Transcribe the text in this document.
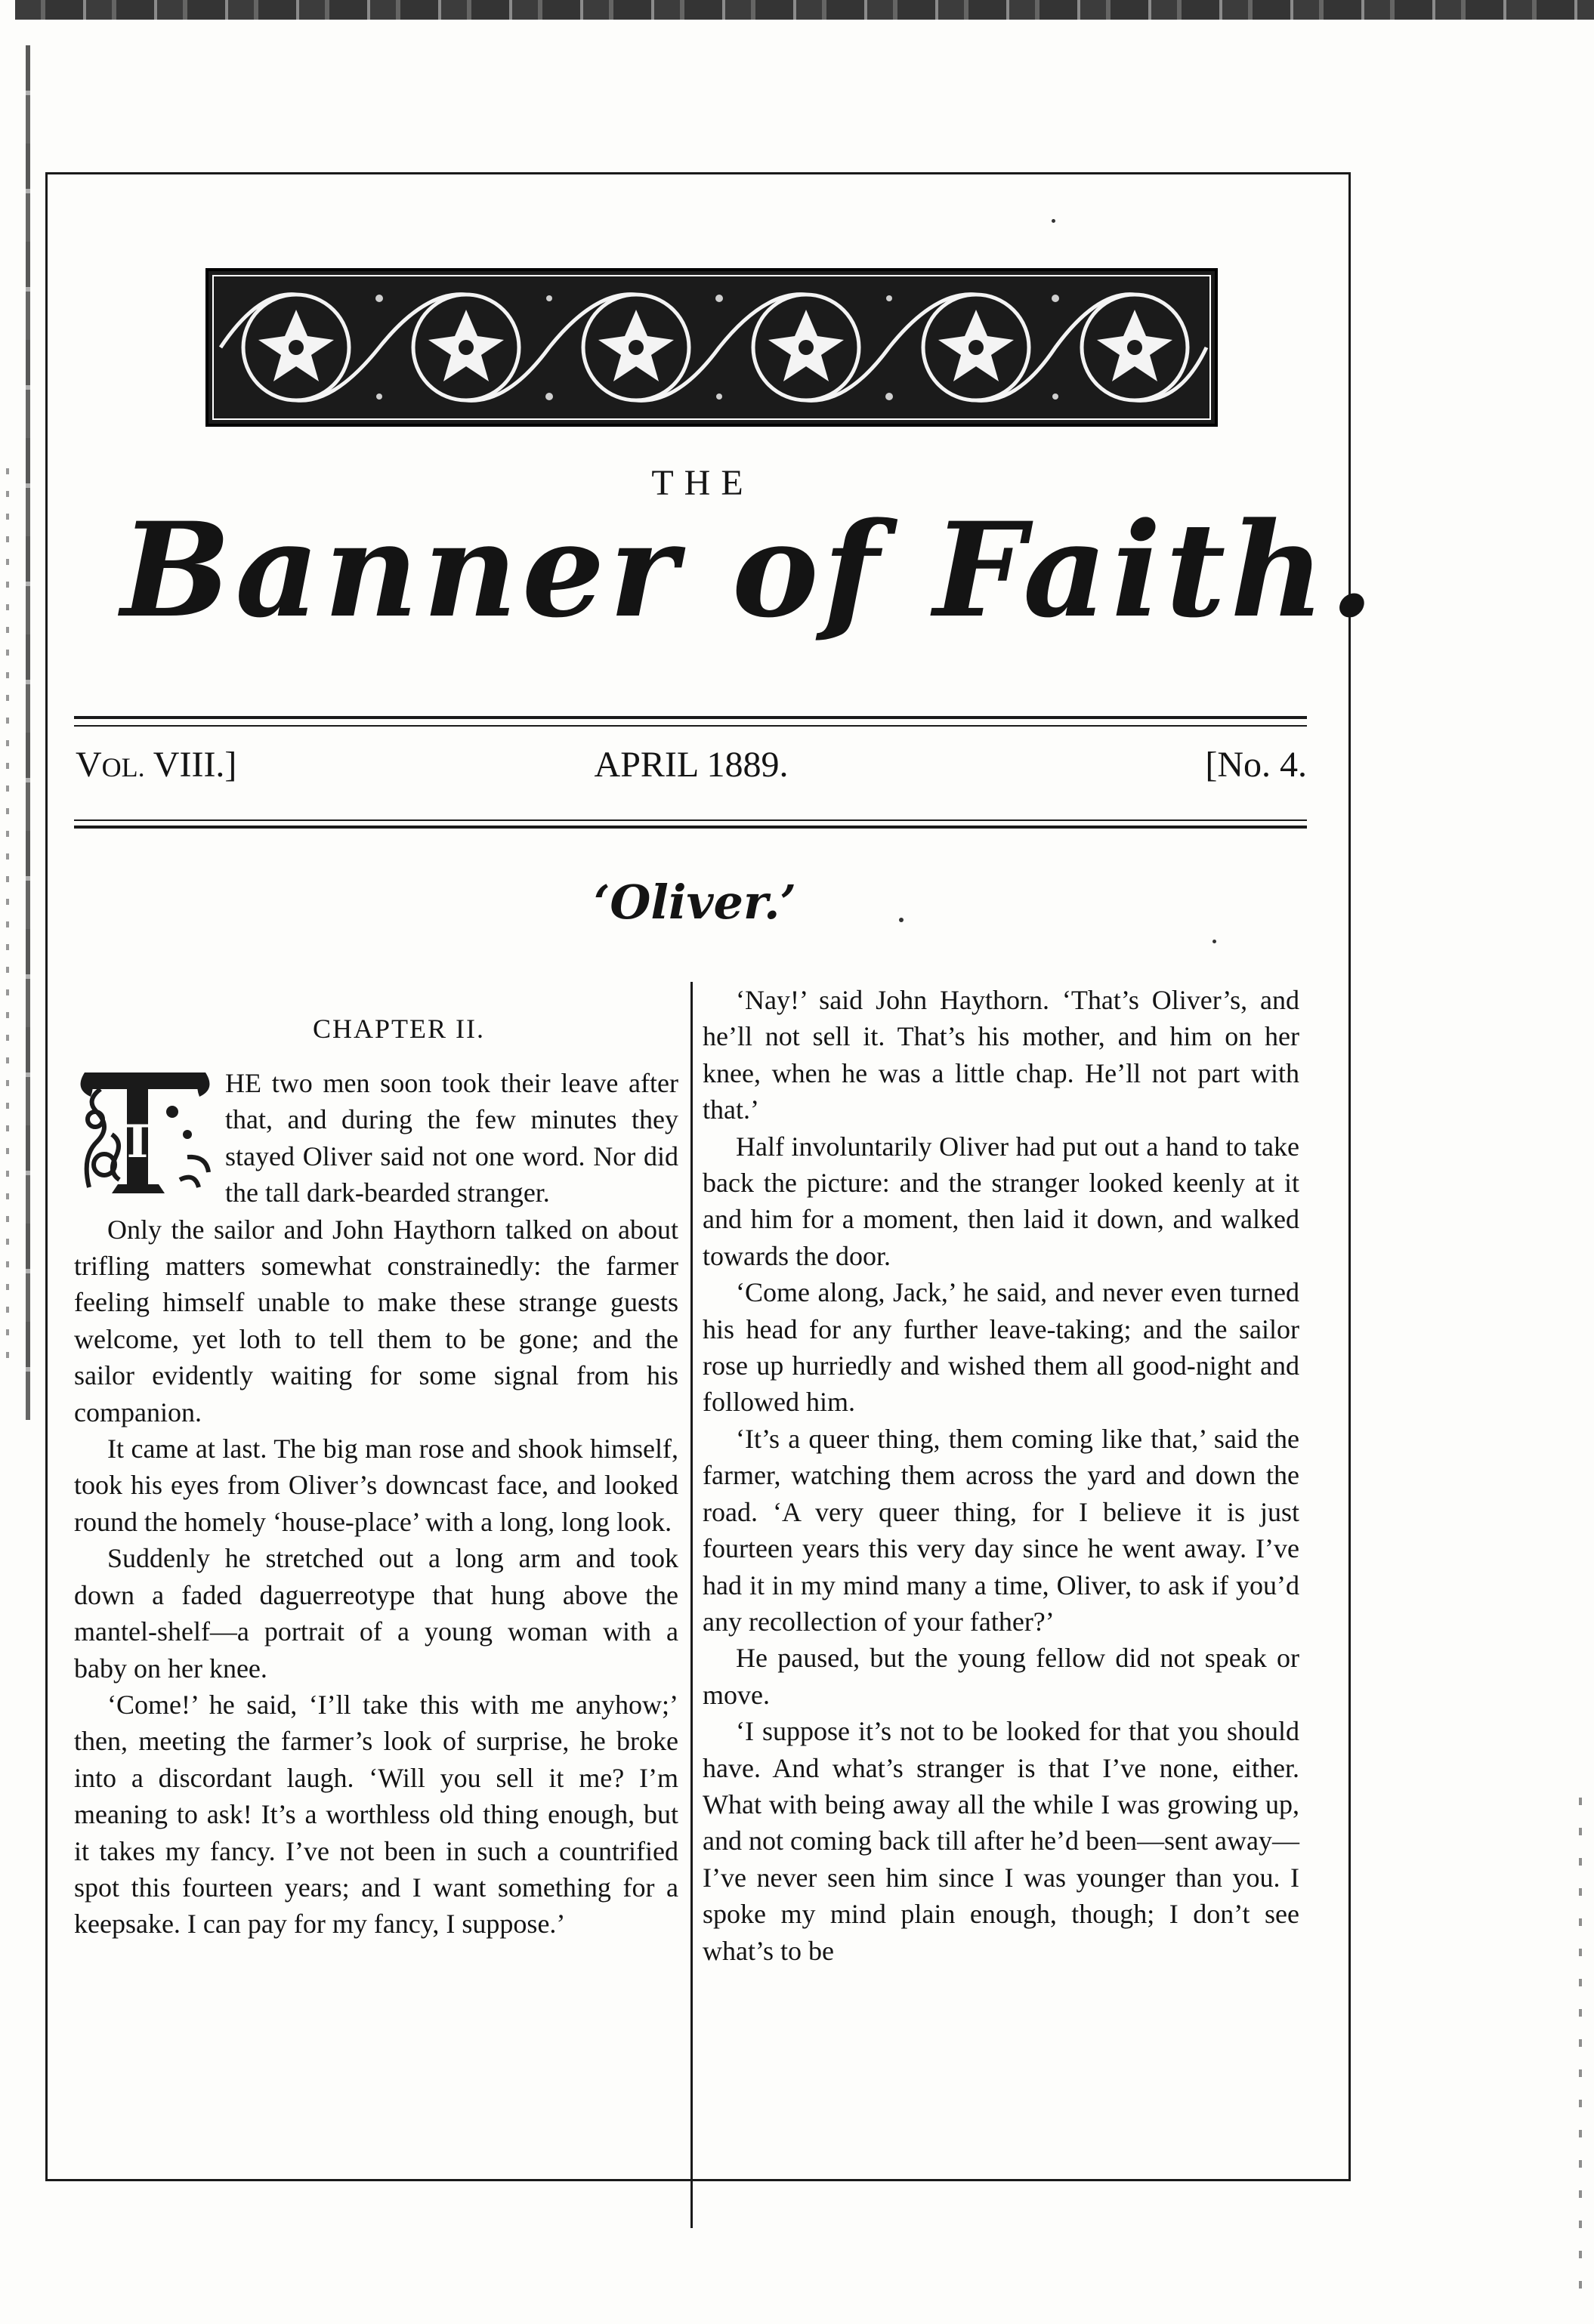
THE
Banner of Faith.
VOL. VIII.]	APRIL 1889.	[No. 4.
‘Oliver.’
CHAPTER II.
T

HE two men soon took their leave after that, and during the few minutes they stayed Oliver said not one word. Nor did the tall dark-bearded stranger.

Only the sailor and John Haythorn talked on about trifling matters somewhat constrainedly: the farmer feeling himself unable to make these strange guests welcome, yet loth to tell them to be gone; and the sailor evidently waiting for some signal from his companion.

It came at last. The big man rose and shook himself, took his eyes from Oliver’s downcast face, and looked round the homely ‘house-place’ with a long, long look.

Suddenly he stretched out a long arm and took down a faded daguerreotype that hung above the mantel-shelf—a portrait of a young woman with a baby on her knee.

‘Come!’ he said, ‘I’ll take this with me anyhow;’ then, meeting the farmer’s look of surprise, he broke into a discordant laugh. ‘Will you sell it me? I’m meaning to ask! It’s a worthless old thing enough, but it takes my fancy. I’ve not been in such a countrified spot this fourteen years; and I want something for a keepsake. I can pay for my fancy, I suppose.’

‘Nay!’ said John Haythorn. ‘That’s Oliver’s, and he’ll not sell it. That’s his mother, and him on her knee, when he was a little chap. He’ll not part with that.’

Half involuntarily Oliver had put out a hand to take back the picture: and the stranger looked keenly at it and him for a moment, then laid it down, and walked towards the door.

‘Come along, Jack,’ he said, and never even turned his head for any further leave-taking; and the sailor rose up hurriedly and wished them all good-night and followed him.

‘It’s a queer thing, them coming like that,’ said the farmer, watching them across the yard and down the road. ‘A very queer thing, for I believe it is just fourteen years this very day since he went away. I’ve had it in my mind many a time, Oliver, to ask if you’d any recollection of your father?’

He paused, but the young fellow did not speak or move.

‘I suppose it’s not to be looked for that you should have. And what’s stranger is that I’ve none, either. What with being away all the while I was growing up, and not coming back till after he’d been—sent away—I’ve never seen him since I was younger than you. I spoke my mind plain enough, though; I don’t see what’s to be
